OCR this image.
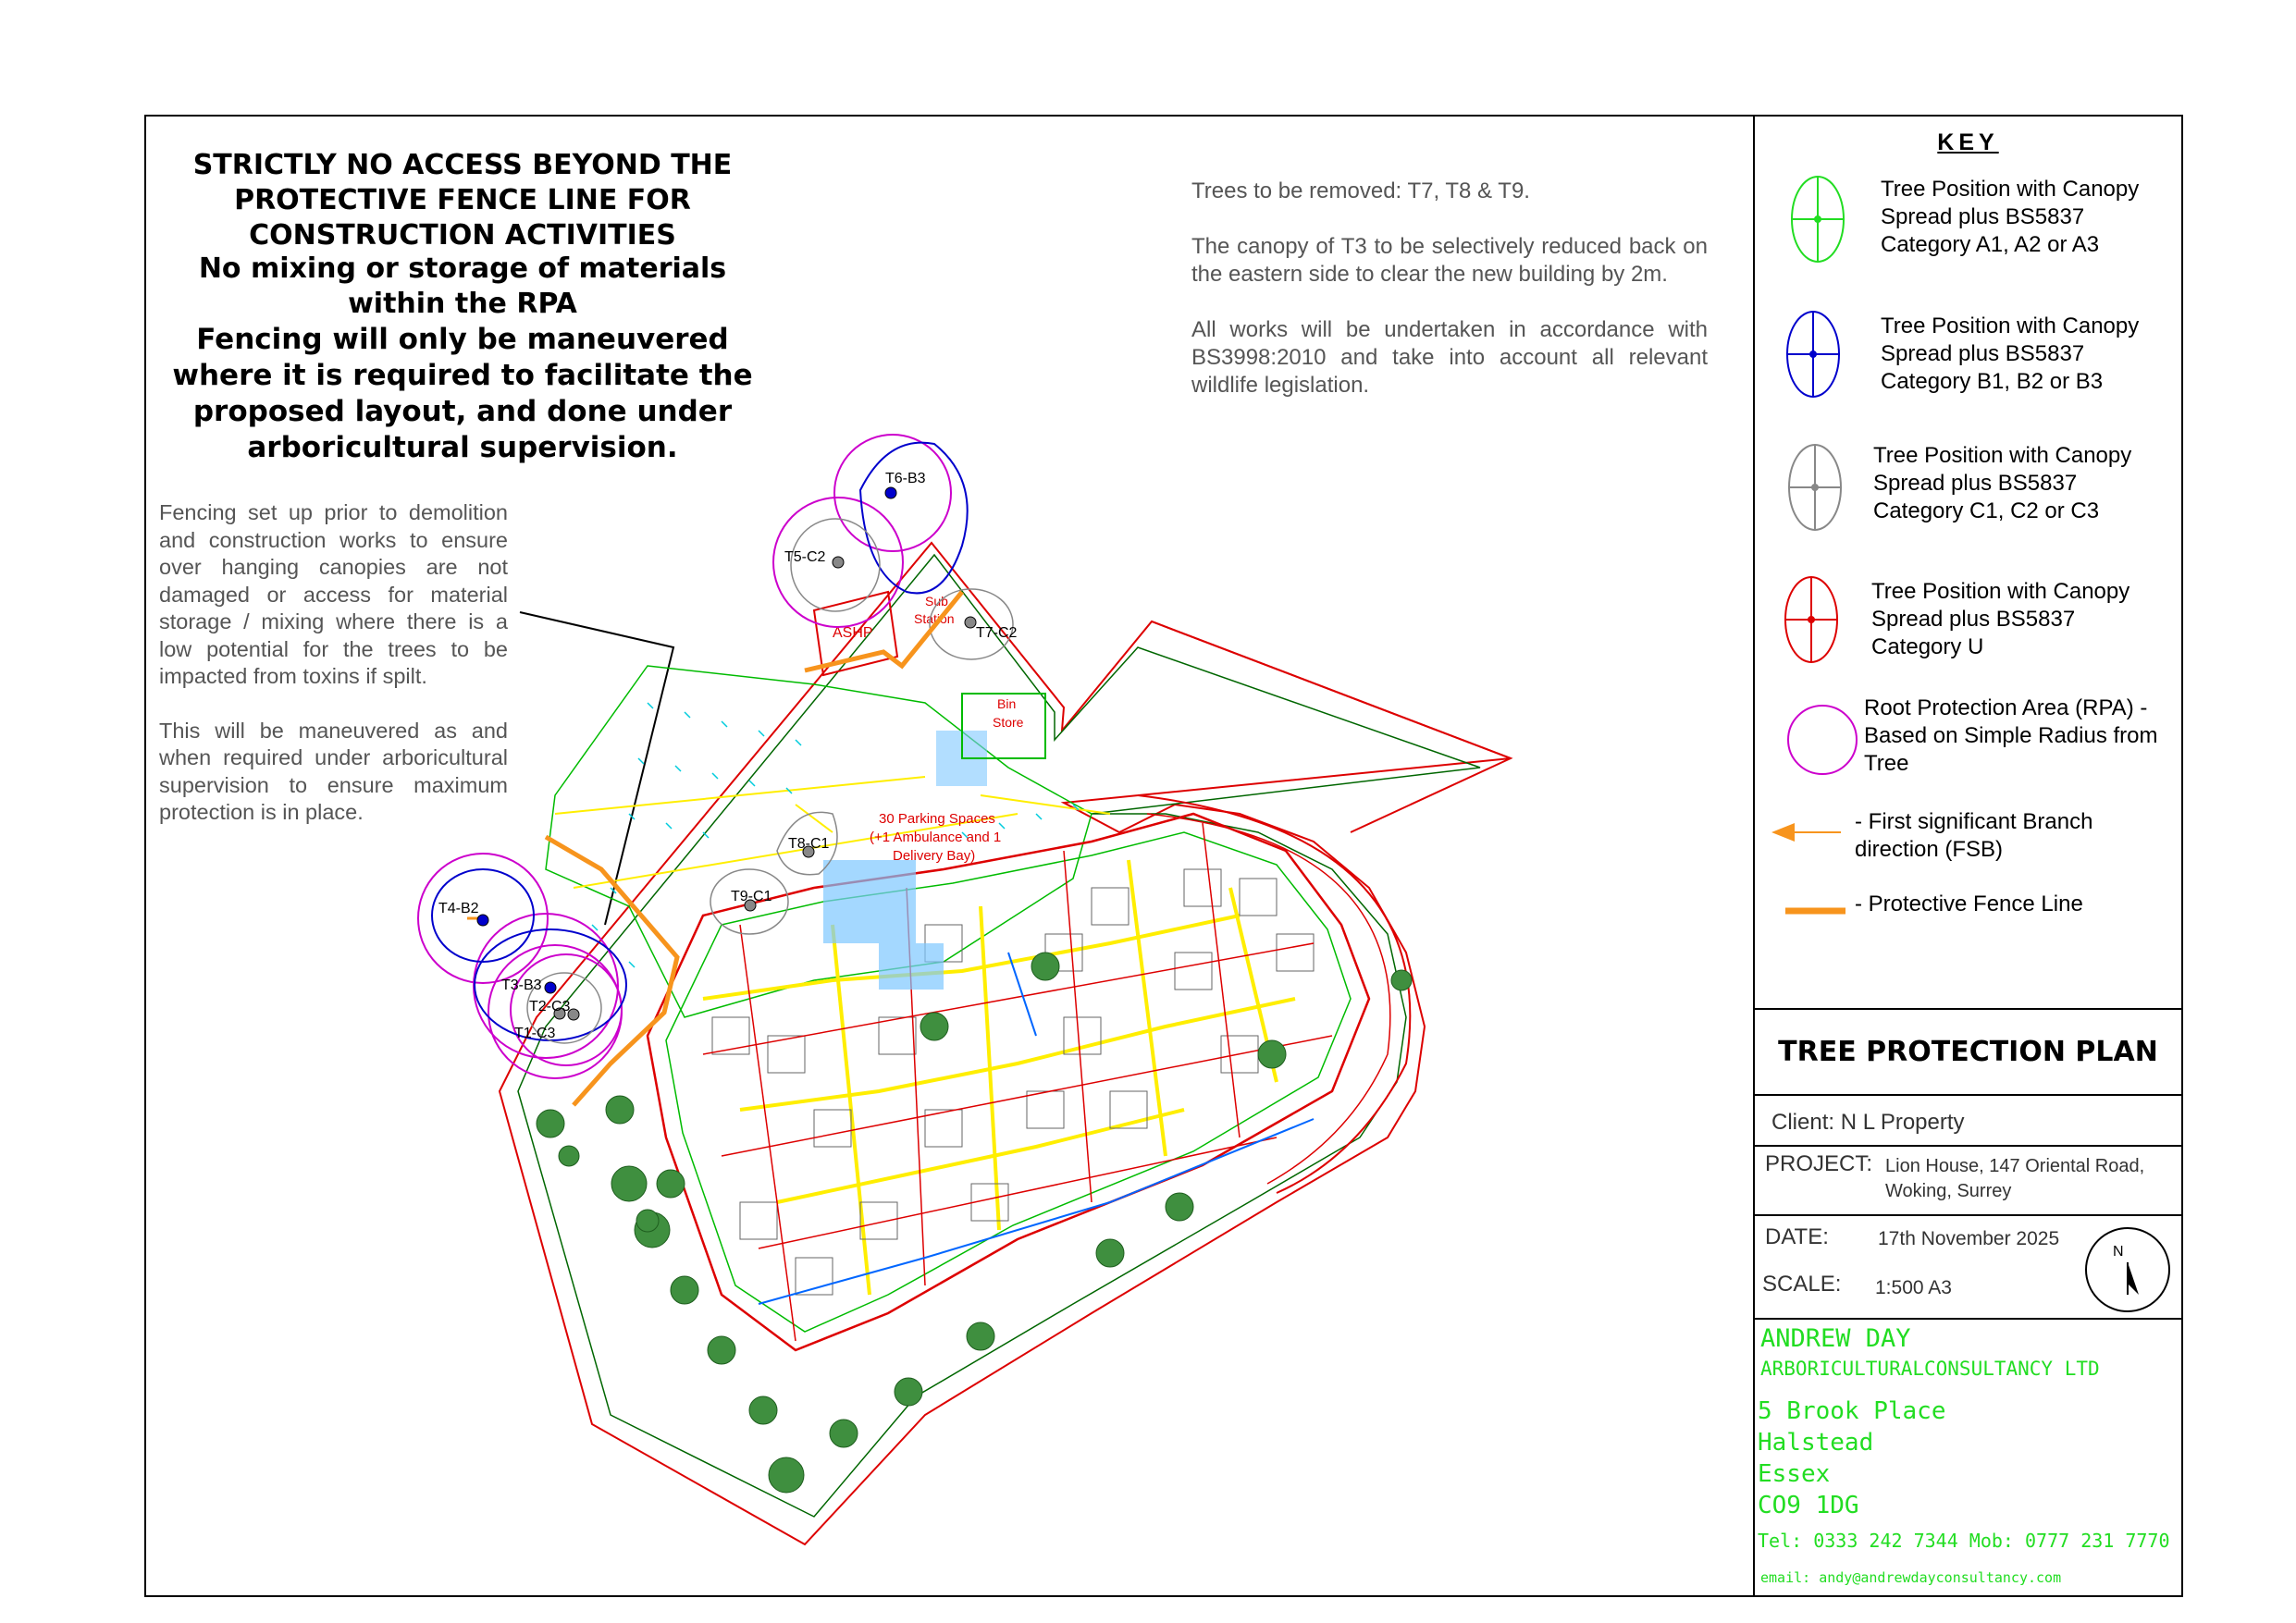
STRICTLY NO ACCESS BEYOND THE PROTECTIVE FENCE LINE FOR CONSTRUCTION ACTIVITIES
No mixing or storage of materials within the RPA
Fencing will only be maneuvered where it is required to facilitate the proposed layout, and done under arboricultural supervision.

Trees to be removed: T7, T8 & T9.

The canopy of T3 to be selectively reduced back on the eastern side to clear the new building by 2m.

All works will be undertaken in accordance with BS3998:2010 and take into account all relevant wildlife legislation.

Fencing set up prior to demolition and construction works to ensure over hanging canopies are not damaged or access for material storage / mixing where there is a low potential for the trees to be impacted from toxins if spilt.

This will be maneuvered as and when required under arboricultural supervision to ensure maximum protection is in place.

ASHP
Sub
Station
Bin
Store
30 Parking Spaces
(+1 Ambulance and 1
Delivery Bay)
T6-B3
T5-C2
T7-C2
T8-C1
T9-C1
T4-B2
T3-B3
T2-C3
T1-C3
N
KEY
Tree Position with Canopy Spread plus BS5837 Category A1, A2 or A3
Tree Position with Canopy Spread plus BS5837 Category B1, B2 or B3
Tree Position with Canopy Spread plus BS5837 Category C1, C2 or C3
Tree Position with Canopy Spread plus BS5837 Category U
Root Protection Area (RPA) - Based on Simple Radius from Tree
- First significant Branch direction (FSB)
- Protective Fence Line
TREE PROTECTION PLAN
Client: N L Property
PROJECT: Lion House, 147 Oriental Road,
Woking, Surrey
DATE:	17th November 2025
SCALE: 1:500 A3
ANDREW DAY
ARBORICULTURALCONSULTANCY LTD
5 Brook Place
Halstead
Essex
CO9 1DG
Tel: 0333 242 7344 Mob: 0777 231 7770
email: andy@andrewdayconsultancy.com
